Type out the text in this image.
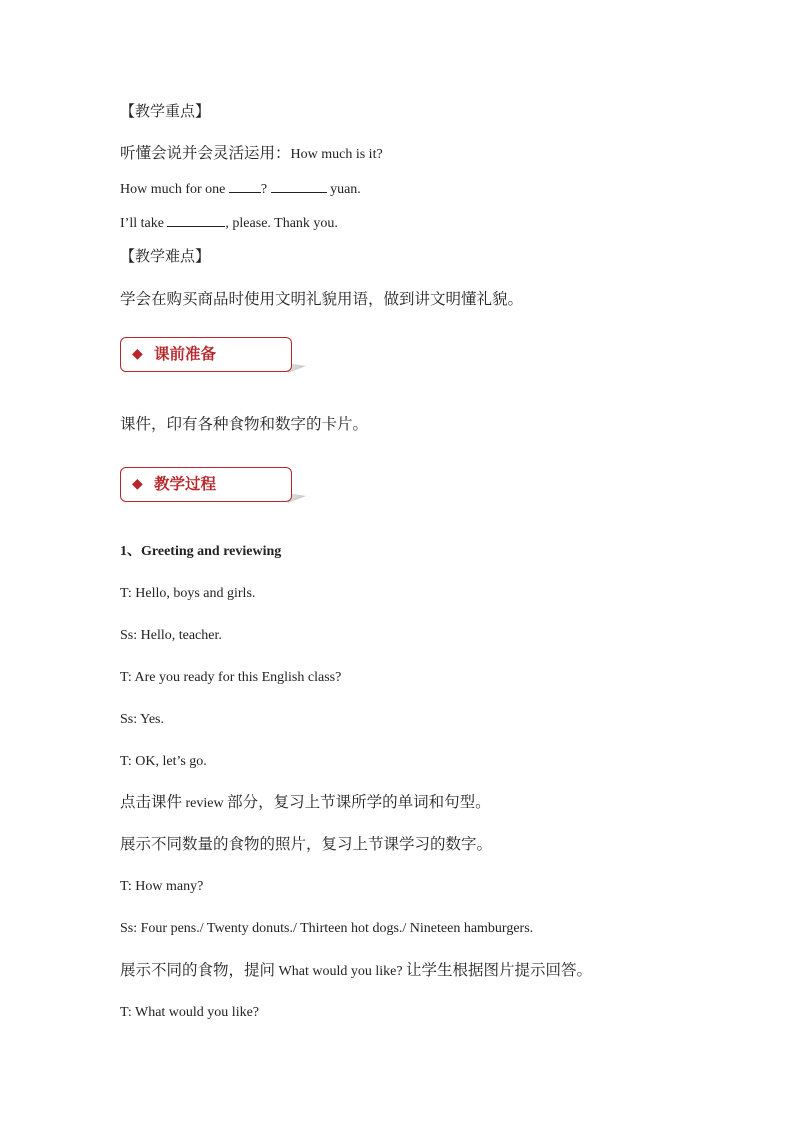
【教学重点】
听懂会说并会灵活运用：How much is it?
How much for one ?	yuan.
I’ll take	, please. Thank you.
【教学难点】
学会在购买商品时使用文明礼貌用语，做到讲文明懂礼貌。
◆ 课前准备
课件，印有各种食物和数字的卡片。
◆ 教学过程
1、Greeting and reviewing
T: Hello, boys and girls.
Ss: Hello, teacher.
T: Are you ready for this English class?
Ss: Yes.
T: OK, let’s go.
点击课件 review 部分，复习上节课所学的单词和句型。
展示不同数量的食物的照片，复习上节课学习的数字。
T: How many?
Ss: Four pens./ Twenty donuts./ Thirteen hot dogs./ Nineteen hamburgers.
展示不同的食物，提问 What would you like? 让学生根据图片提示回答。
T: What would you like?
